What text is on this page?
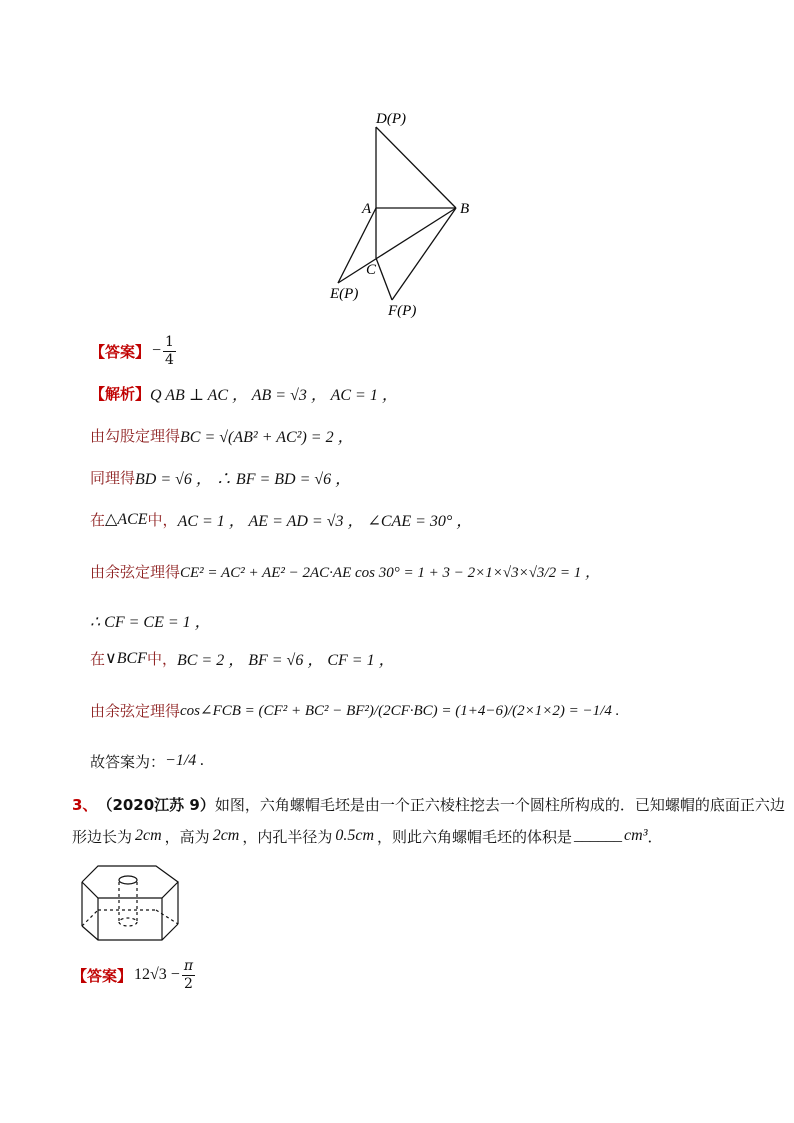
D(P)
A	B
C
E(P)
F(P)
【答案】 − $\frac{1}{4}$
【解析】 Q AB ⊥ AC ， AB = √3 ， AC = 1 ，
由勾股定理得 BC = √(AB² + AC²) = 2 ，
同理得 BD = √6 ， ∴ BF = BD = √6 ，
在 △ACE 中， AC = 1 ， AE = AD = √3 ， ∠CAE = 30° ，
由余弦定理得 CE² = AC² + AE² − 2AC·AE cos 30° = 1 + 3 − 2×1×√3×√3/2 = 1 ，
∴ CF = CE = 1 ，
在 ∨BCF 中， BC = 2 ， BF = √6 ， CF = 1 ，
由余弦定理得 cos∠FCB = (CF² + BC² − BF²)/(2CF·BC) = (1+4−6)/(2×1×2) = −1/4 .
故答案为： −1/4 .
3、 （2020江苏 9） 如图，六角螺帽毛坯是由一个正六棱柱挖去一个圆柱所构成的．已知螺帽的底面正六边
形边长为 2cm ，高为 2cm ，内孔半径为 0.5cm ，则此六角螺帽毛坯的体积是 ______ cm³ ．
【答案】 $12√3 - \frac{\pi}{2}$
